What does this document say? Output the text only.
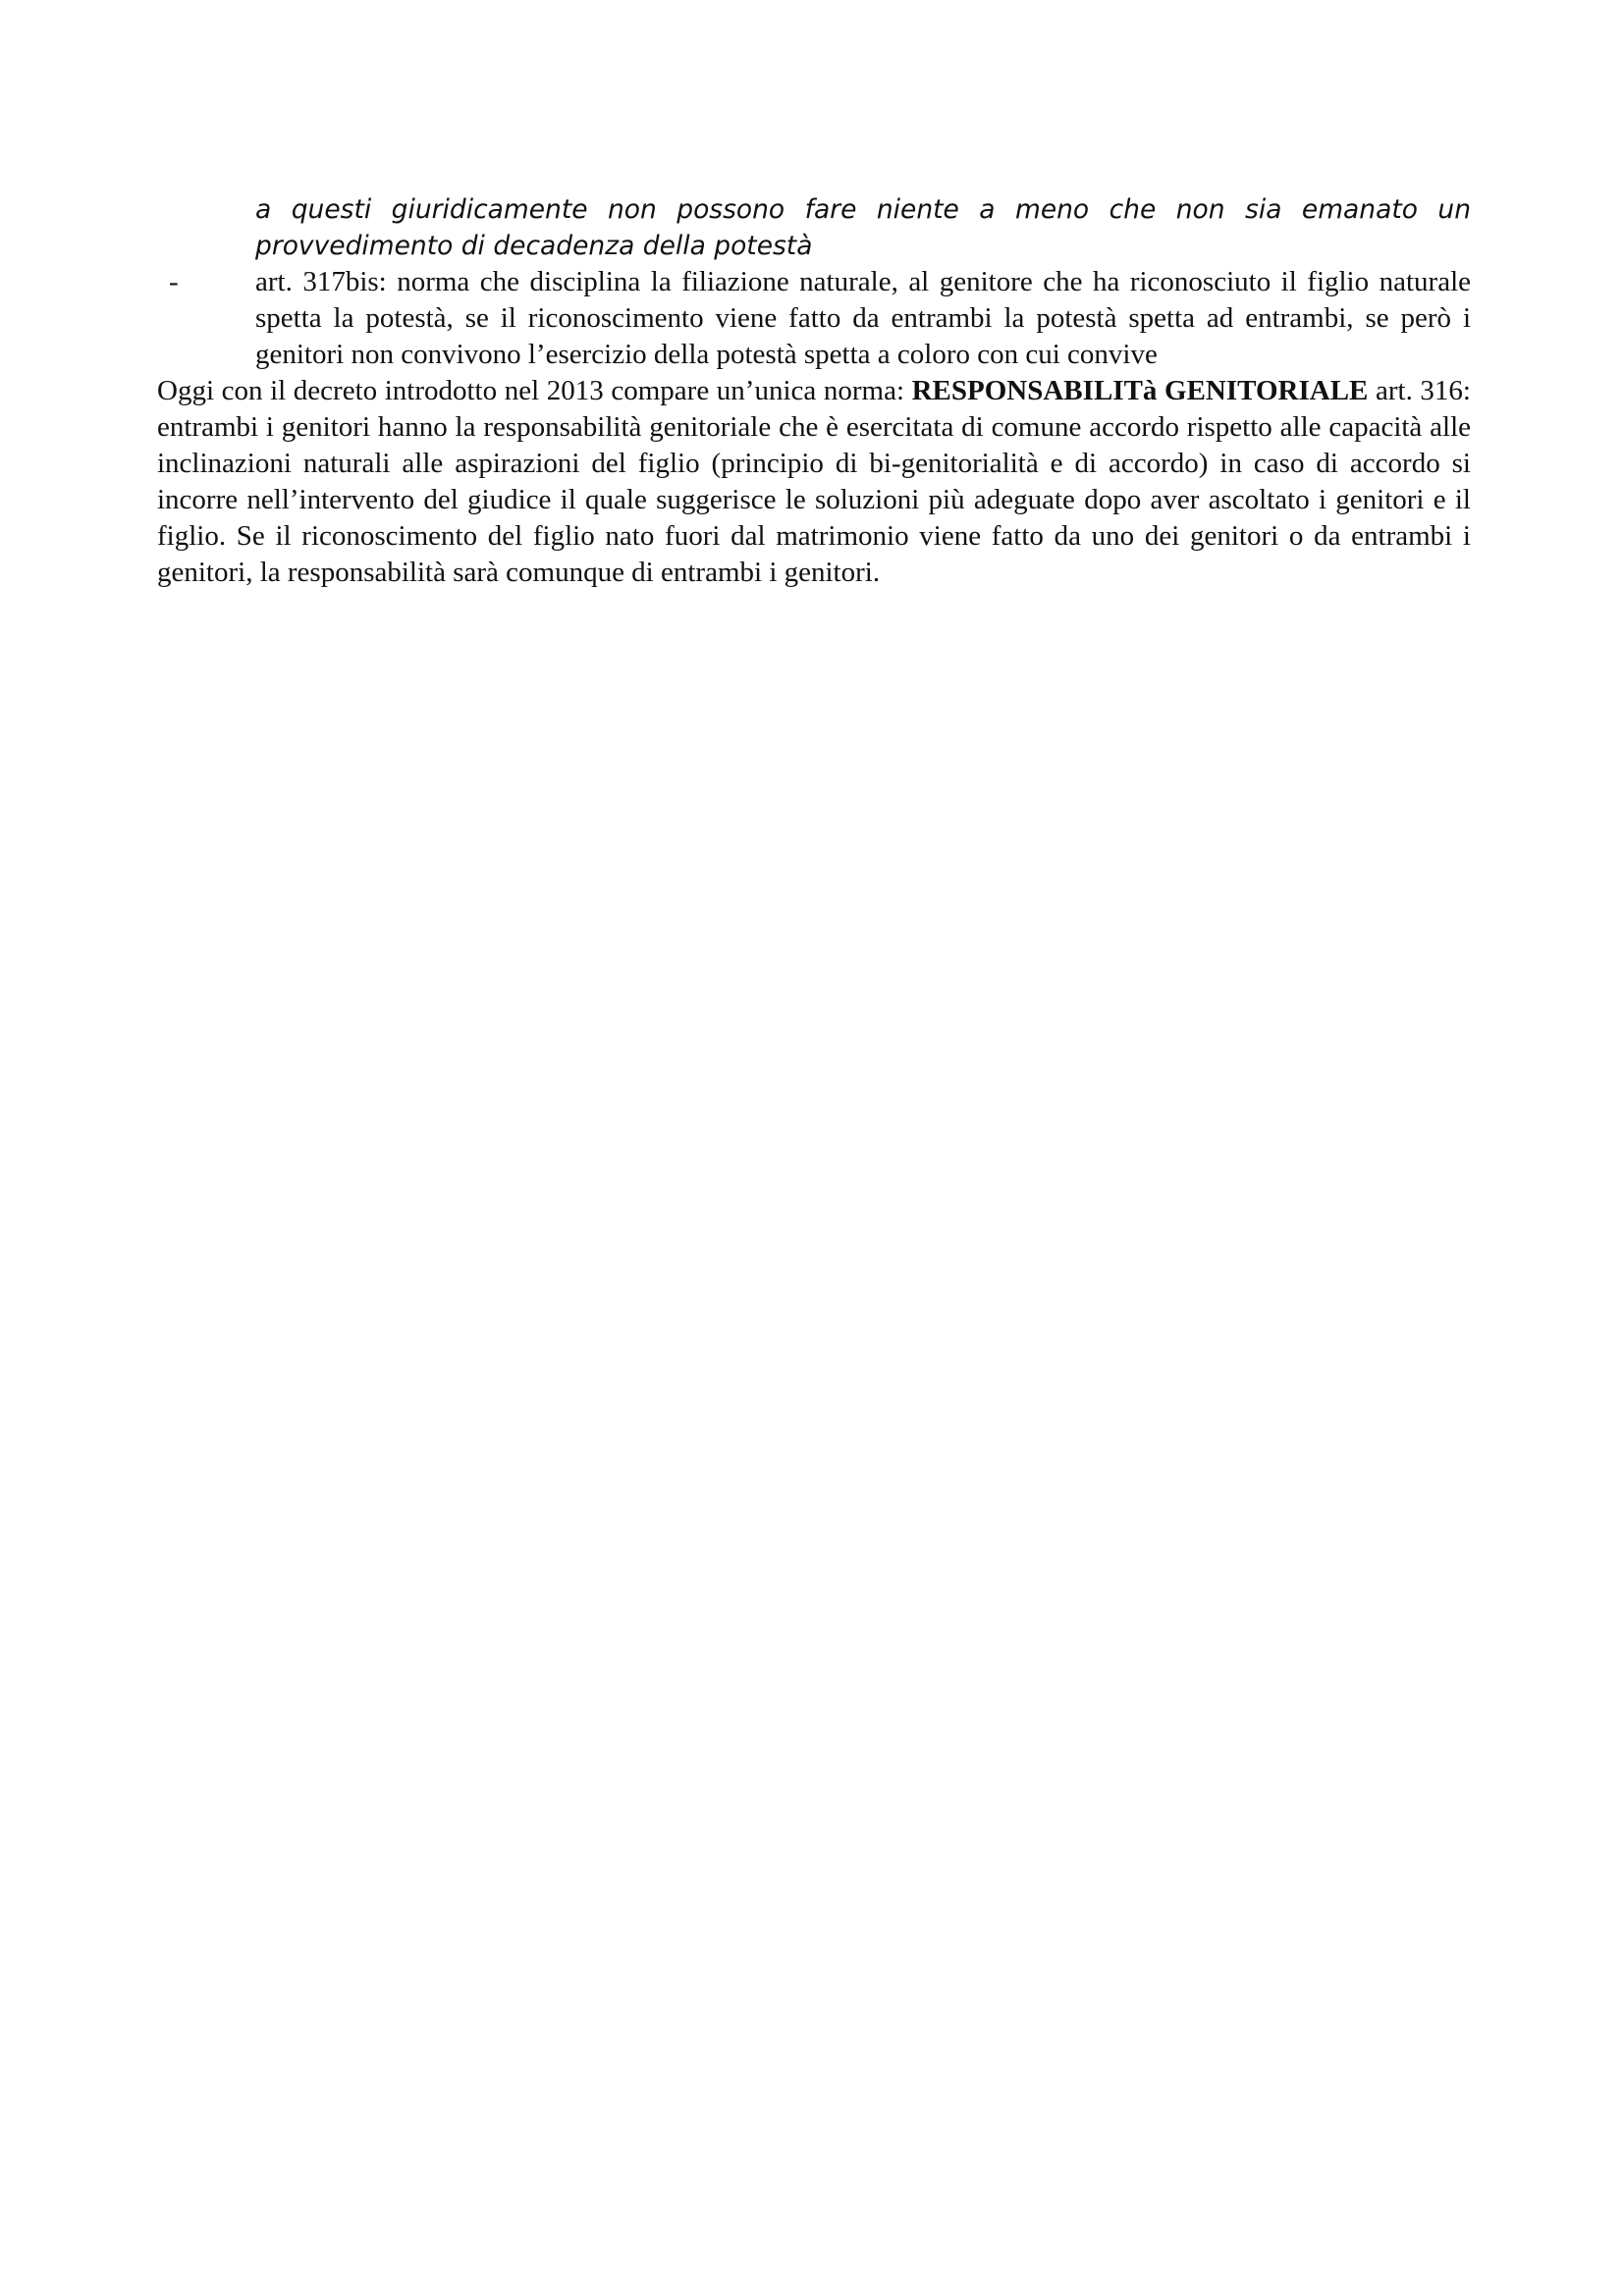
a questi giuridicamente non possono fare niente a meno che non sia emanato un provvedimento di decadenza della potestà

-	art. 317bis: norma che disciplina la filiazione naturale, al genitore che ha riconosciuto il figlio naturale spetta la potestà, se il riconoscimento viene fatto da entrambi la potestà spetta ad entrambi, se però i genitori non convivono l’esercizio della potestà spetta a coloro con cui convive

Oggi con il decreto introdotto nel 2013 compare un’unica norma: RESPONSABILITà GENITORIALE art. 316: entrambi i genitori hanno la responsabilità genitoriale che è esercitata di comune accordo rispetto alle capacità alle inclinazioni naturali alle aspirazioni del figlio (principio di bi-genitorialità e di accordo) in caso di accordo si incorre nell’intervento del giudice il quale suggerisce le soluzioni più adeguate dopo aver ascoltato i genitori e il figlio. Se il riconoscimento del figlio nato fuori dal matrimonio viene fatto da uno dei genitori o da entrambi i genitori, la responsabilità sarà comunque di entrambi i genitori.
